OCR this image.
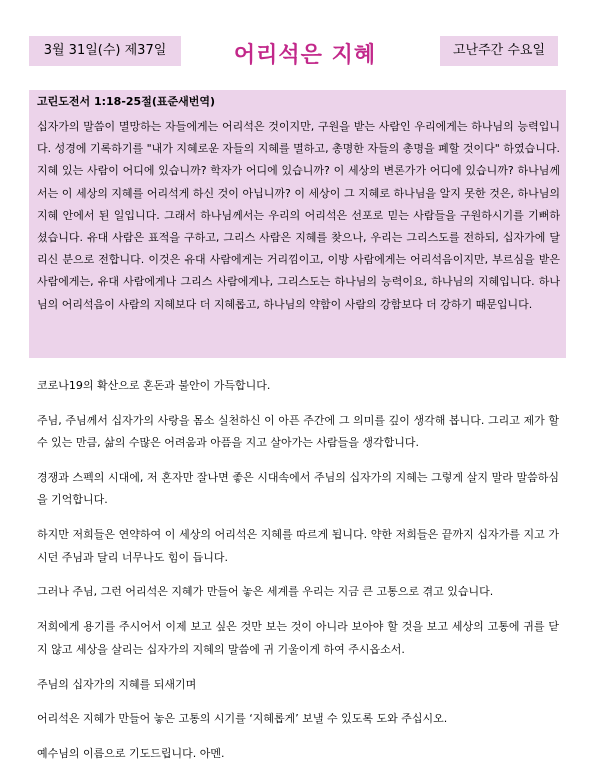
3월 31일(수) 제37일	어리석은 지혜	고난주간 수요일
고린도전서 1:18-25절(표준새번역)
십자가의 말씀이 멸망하는 자들에게는 어리석은 것이지만, 구원을 받는 사람인 우리에게는 하나님의 능력입니다. 성경에 기록하기를 "내가 지혜로운 자들의 지혜를 멸하고, 총명한 자들의 총명을 폐할 것이다" 하였습니다. 지혜 있는 사람이 어디에 있습니까? 학자가 어디에 있습니까? 이 세상의 변론가가 어디에 있습니까? 하나님께서는 이 세상의 지혜를 어리석게 하신 것이 아닙니까? 이 세상이 그 지혜로 하나님을 알지 못한 것은, 하나님의 지혜 안에서 된 일입니다. 그래서 하나님께서는 우리의 어리석은 선포로 믿는 사람들을 구원하시기를 기뻐하셨습니다. 유대 사람은 표적을 구하고, 그리스 사람은 지혜를 찾으나, 우리는 그리스도를 전하되, 십자가에 달리신 분으로 전합니다. 이것은 유대 사람에게는 거리낌이고, 이방 사람에게는 어리석음이지만, 부르심을 받은 사람에게는, 유대 사람에게나 그리스 사람에게나, 그리스도는 하나님의 능력이요, 하나님의 지혜입니다. 하나님의 어리석음이 사람의 지혜보다 더 지혜롭고, 하나님의 약함이 사람의 강함보다 더 강하기 때문입니다.

코로나19의 확산으로 혼돈과 불안이 가득합니다.

주님, 주님께서 십자가의 사랑을 몸소 실천하신 이 아픈 주간에 그 의미를 깊이 생각해 봅니다. 그리고 제가 할 수 있는 만큼, 삶의 수많은 어려움과 아픔을 지고 살아가는 사람들을 생각합니다.

경쟁과 스펙의 시대에, 저 혼자만 잘나면 좋은 시대속에서 주님의 십자가의 지혜는 그렇게 살지 말라 말씀하심을 기억합니다.

하지만 저희들은 연약하여 이 세상의 어리석은 지혜를 따르게 됩니다. 약한 저희들은 끝까지 십자가를 지고 가시던 주님과 달리 너무나도 힘이 듭니다.

그러나 주님, 그런 어리석은 지혜가 만들어 놓은 세계를 우리는 지금 큰 고통으로 겪고 있습니다.

저희에게 용기를 주시어서 이제 보고 싶은 것만 보는 것이 아니라 보아야 할 것을 보고 세상의 고통에 귀를 닫지 않고 세상을 살리는 십자가의 지혜의 말씀에 귀 기울이게 하여 주시옵소서.

주님의 십자가의 지혜를 되새기며

어리석은 지혜가 만들어 놓은 고통의 시기를 ‘지혜롭게’ 보낼 수 있도록 도와 주십시오.

예수님의 이름으로 기도드립니다. 아멘.
